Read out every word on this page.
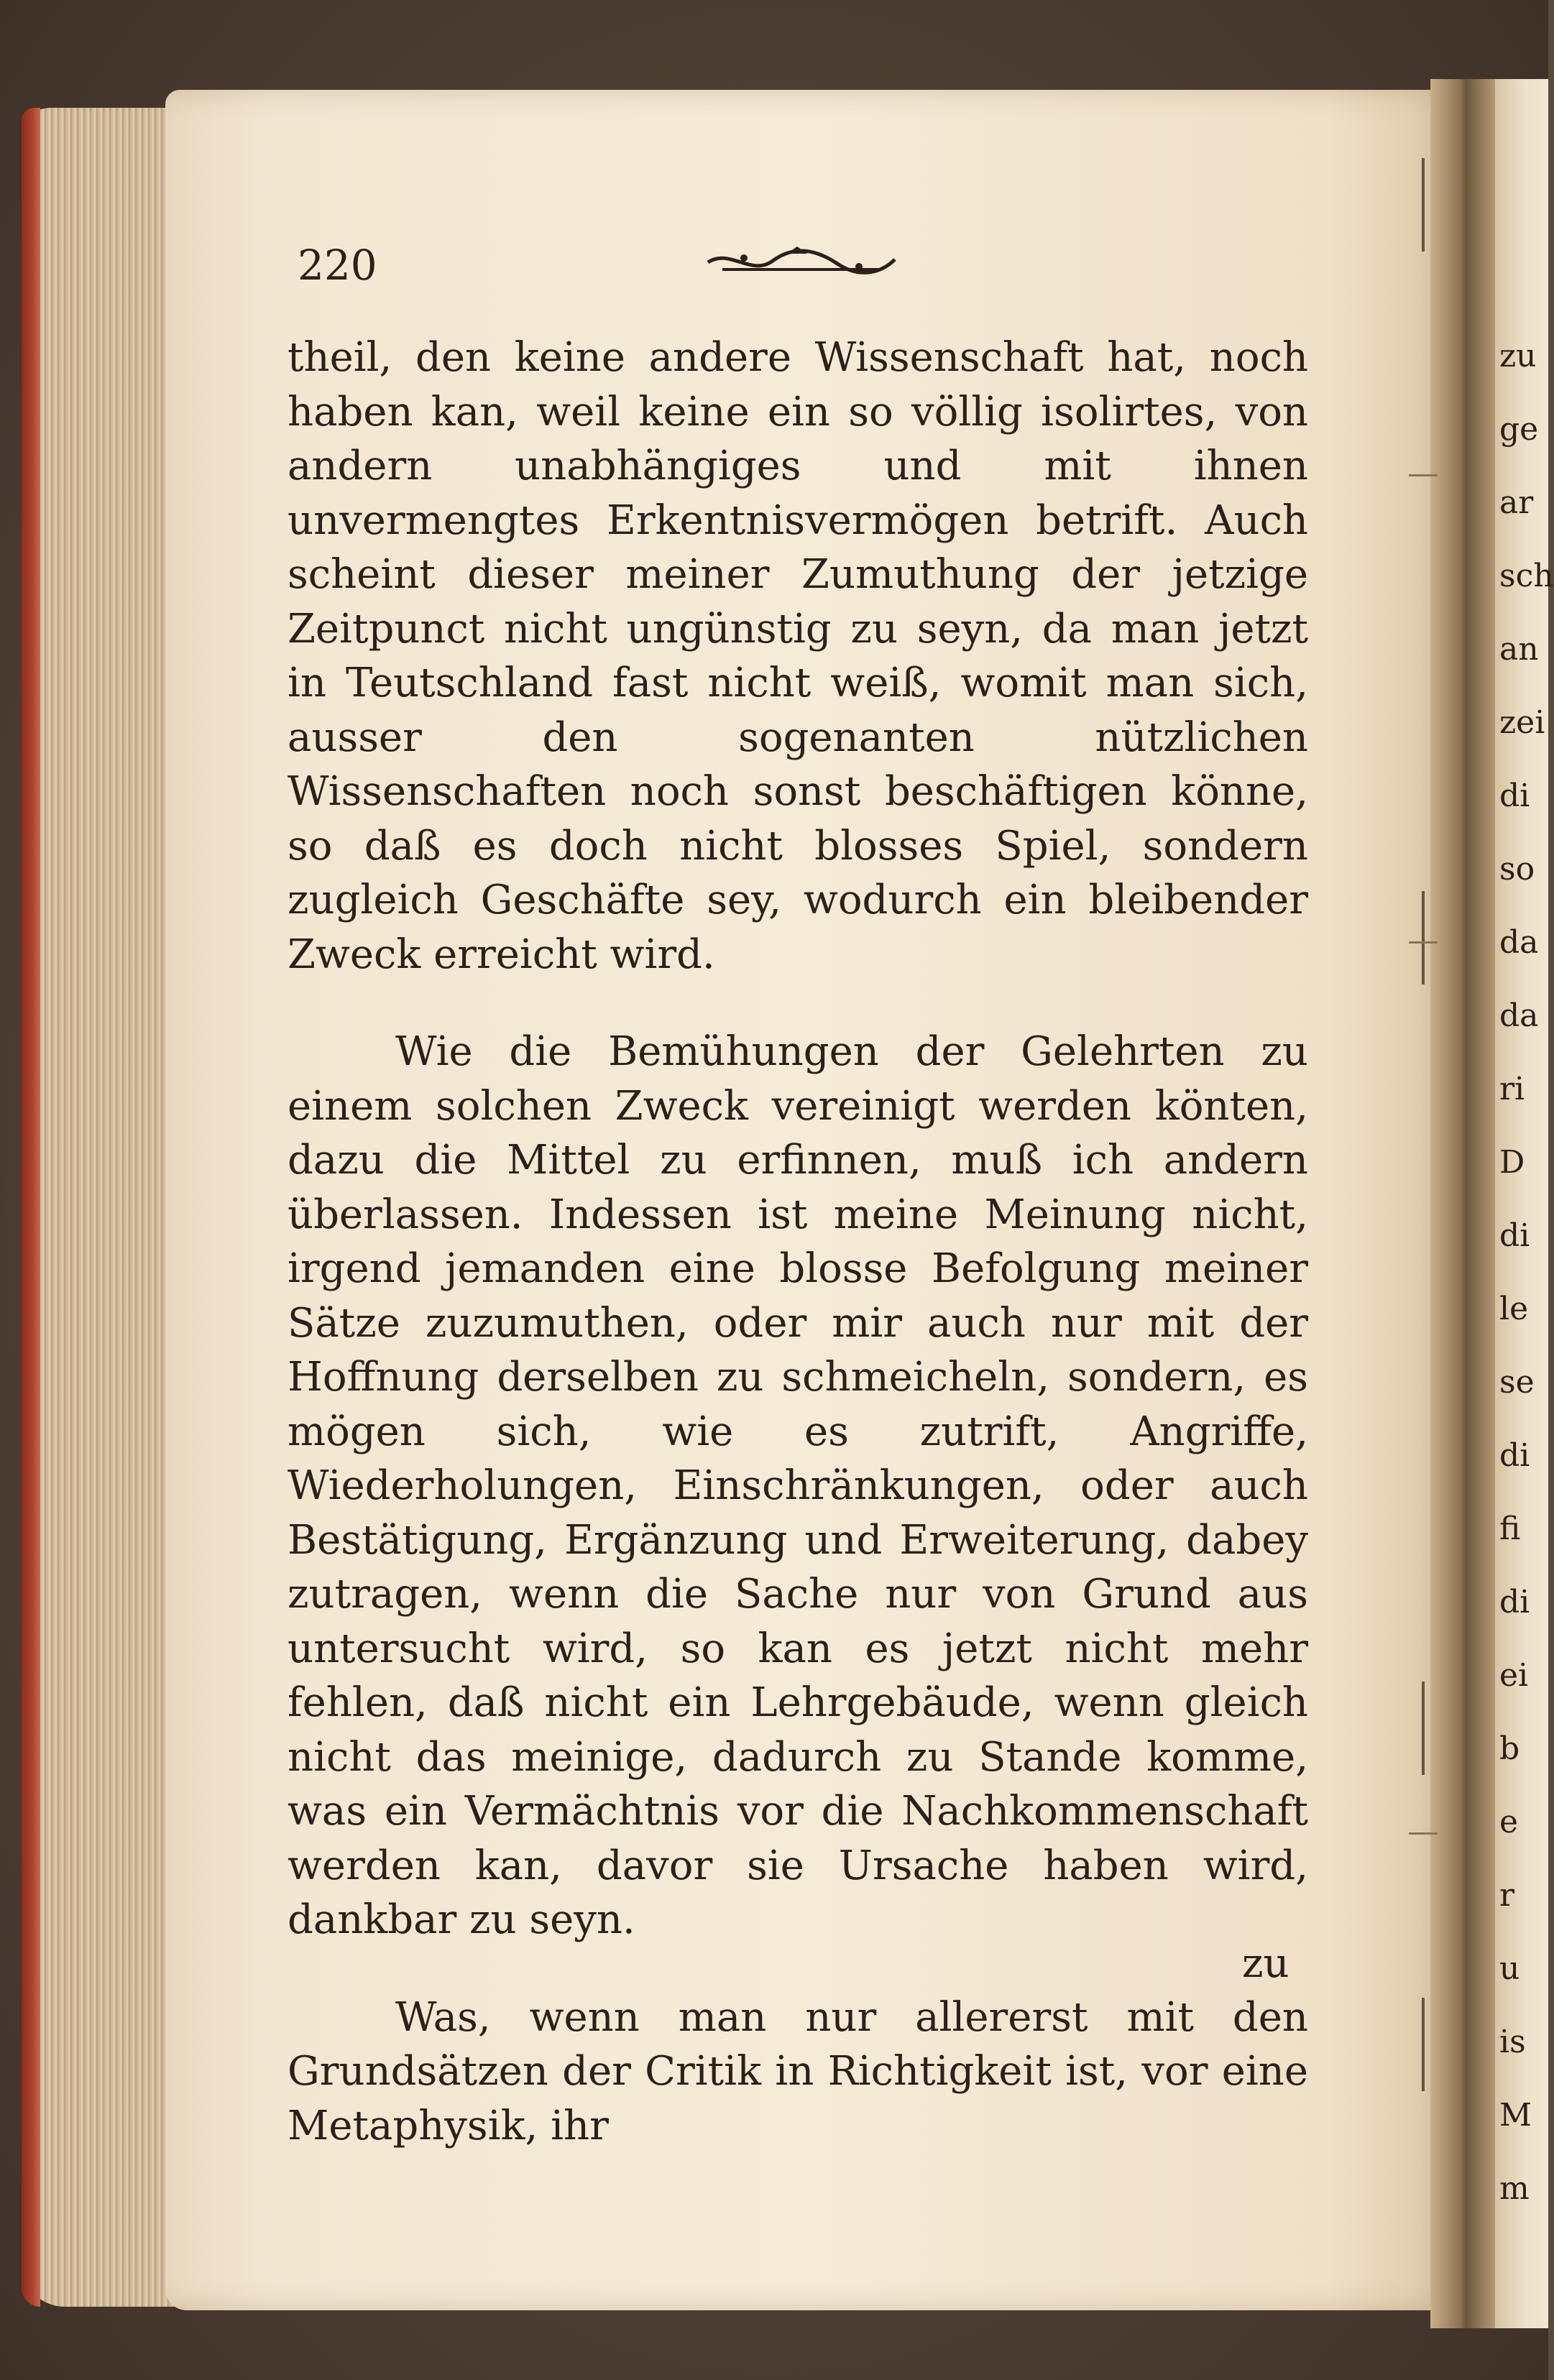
zu
ge
ar
sch
an
zei
di
so
da
da
ri
D
di
le
se
di
fi
di
ei
b
e
r
u
is
M
m
220

theil, den keine andere Wissenschaft hat, noch haben kan, weil keine ein so völlig isolirtes, von andern unabhängiges und mit ihnen unvermengtes Erkentnisvermögen betrift. Auch scheint dieser meiner Zumuthung der jetzige Zeitpunct nicht ungünstig zu seyn, da man jetzt in Teutschland fast nicht weiß, womit man sich, ausser den sogenanten nützlichen Wissenschaften noch sonst beschäftigen könne, so daß es doch nicht blosses Spiel, sondern zugleich Geschäfte sey, wodurch ein bleibender Zweck erreicht wird.

Wie die Bemühungen der Gelehrten zu einem solchen Zweck vereinigt werden könten, dazu die Mittel zu erfinnen, muß ich andern überlassen. Indessen ist meine Meinung nicht, irgend jemanden eine blosse Befolgung meiner Sätze zuzumuthen, oder mir auch nur mit der Hoffnung derselben zu schmeicheln, sondern, es mögen sich, wie es zutrift, Angriffe, Wiederholungen, Einschränkungen, oder auch Bestätigung, Ergänzung und Erweiterung, dabey zutragen, wenn die Sache nur von Grund aus untersucht wird, so kan es jetzt nicht mehr fehlen, daß nicht ein Lehrgebäude, wenn gleich nicht das meinige, dadurch zu Stande komme, was ein Vermächtnis vor die Nachkommenschaft werden kan, davor sie Ursache haben wird, dankbar zu seyn.

Was, wenn man nur allererst mit den Grundsätzen der Critik in Richtigkeit ist, vor eine Metaphysik, ihr

zu
